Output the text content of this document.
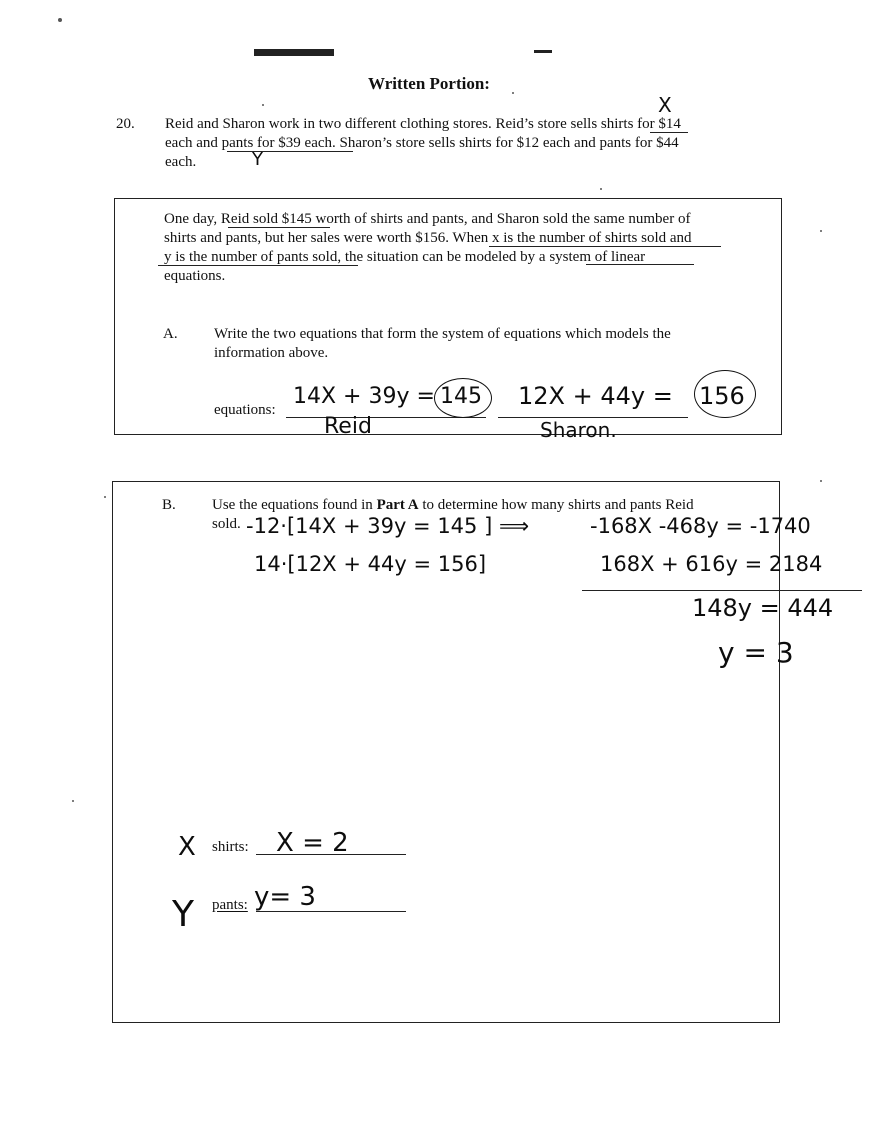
Written Portion:
20. Reid and Sharon work in two different clothing stores. Reid’s store sells shirts for $14
each and pants for $39 each. Sharon’s store sells shirts for $12 each and pants for $44
each.
X
Y
One day, Reid sold $145 worth of shirts and pants, and Sharon sold the same number of
shirts and pants, but her sales were worth $156. When x is the number of shirts sold and
y is the number of pants sold, the situation can be modeled by a system of linear
equations.
A. Write the two equations that form the system of equations which models the
information above.
equations:
14X + 39y = 145 12X + 44y = 156
Reid	Sharon.
B. Use the equations found in Part A to determine how many shirts and pants Reid
sold. -12·[14X + 39y = 145 ] ⟹	-168X -468y = -1740
14·[12X + 44y = 156]	168X + 616y = 2184
148y = 444
y = 3
X shirts: X = 2
Y pants: y= 3
